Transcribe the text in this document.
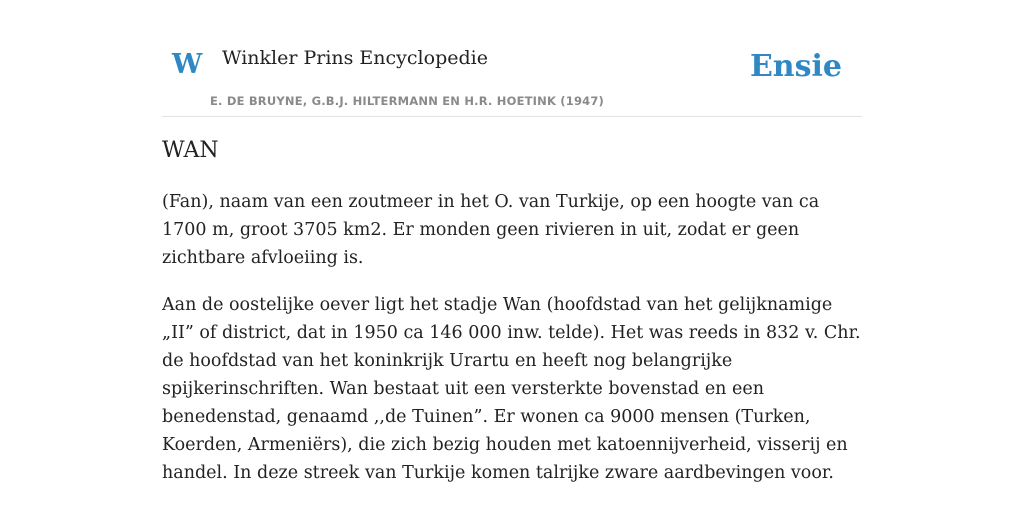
W Winkler Prins Encyclopedie
E. DE BRUYNE, G.B.J. HILTERMANN EN H.R. HOETINK (1947)
Ensie
WAN

(Fan), naam van een zoutmeer in het O. van Turkije, op een hoogte van ca 1700 m, groot 3705 km2. Er monden geen rivieren in uit, zodat er geen zichtbare afvloeiing is.

Aan de oostelijke oever ligt het stadje Wan (hoofdstad van het gelijknamige „II” of district, dat in 1950 ca 146 000 inw. telde). Het was reeds in 832 v. Chr. de hoofdstad van het koninkrijk Urartu en heeft nog belangrijke spijkerinschriften. Wan bestaat uit een versterkte bovenstad en een benedenstad, genaamd ,,de Tuinen”. Er wonen ca 9000 mensen (Turken, Koerden, Armeniërs), die zich bezig houden met katoennijverheid, visserij en handel. In deze streek van Turkije komen talrijke zware aardbevingen voor.
